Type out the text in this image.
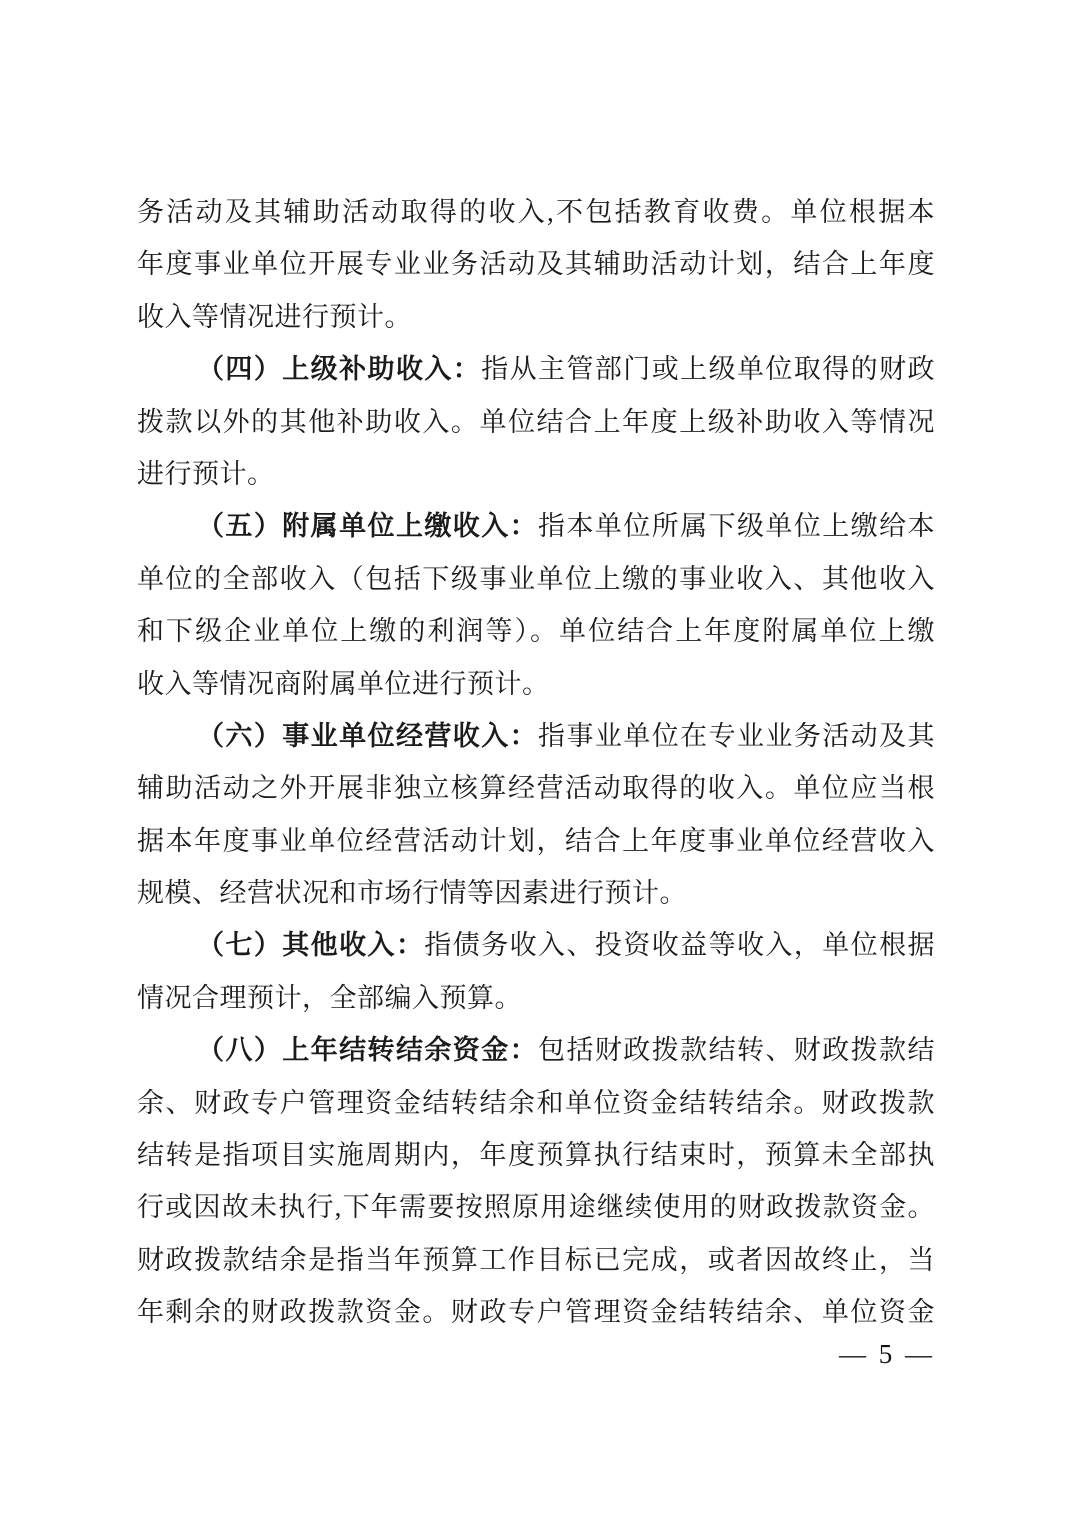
务活动及其辅助活动取得的收入,不包括教育收费。单位根据本
年度事业单位开展专业业务活动及其辅助活动计划，结合上年度
收入等情况进行预计。
（四）上级补助收入：指从主管部门或上级单位取得的财政
拨款以外的其他补助收入。单位结合上年度上级补助收入等情况
进行预计。
（五）附属单位上缴收入：指本单位所属下级单位上缴给本
单位的全部收入（包括下级事业单位上缴的事业收入、其他收入
和下级企业单位上缴的利润等）。单位结合上年度附属单位上缴
收入等情况商附属单位进行预计。
（六）事业单位经营收入：指事业单位在专业业务活动及其
辅助活动之外开展非独立核算经营活动取得的收入。单位应当根
据本年度事业单位经营活动计划，结合上年度事业单位经营收入
规模、经营状况和市场行情等因素进行预计。
（七）其他收入：指债务收入、投资收益等收入，单位根据
情况合理预计，全部编入预算。
（八）上年结转结余资金：包括财政拨款结转、财政拨款结
余、财政专户管理资金结转结余和单位资金结转结余。财政拨款
结转是指项目实施周期内，年度预算执行结束时，预算未全部执
行或因故未执行,下年需要按照原用途继续使用的财政拨款资金。
财政拨款结余是指当年预算工作目标已完成，或者因故终止，当
年剩余的财政拨款资金。财政专户管理资金结转结余、单位资金
— 5 —
